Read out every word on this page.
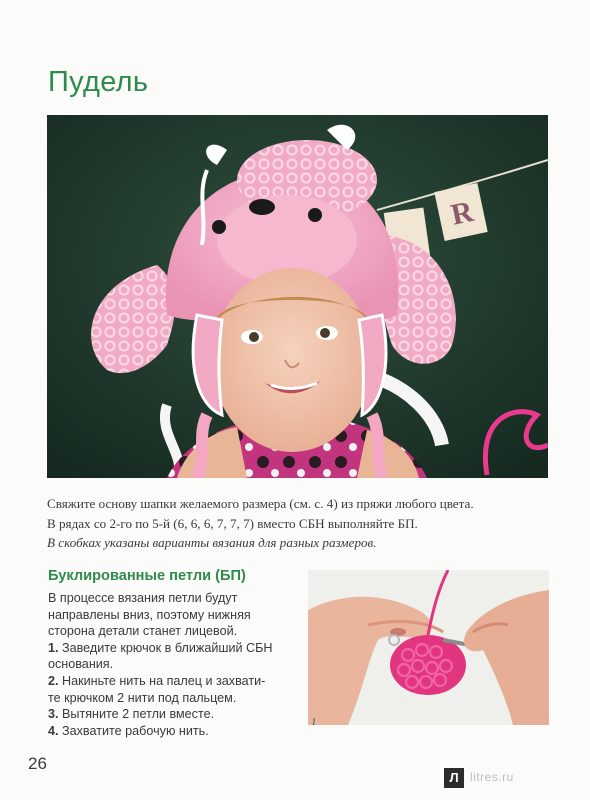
Пудель
R

Свяжите основу шапки желаемого размера (см. с. 4) из пряжи любого цвета.

В рядах со 2-го по 5-й (6, 6, 6, 7, 7, 7) вместо СБН выполняйте БП.

В скобках указаны варианты вязания для разных размеров.

Буклированные петли (БП)

В процессе вязания петли будут

направлены вниз, поэтому нижняя

сторона детали станет лицевой.

1. Заведите крючок в ближайший СБН

основания.

2. Накиньте нить на палец и захвати-

те крючком 2 нити под пальцем.

3. Вытяните 2 петли вместе.

4. Захватите рабочую нить.

1
26
Л litres.ru
